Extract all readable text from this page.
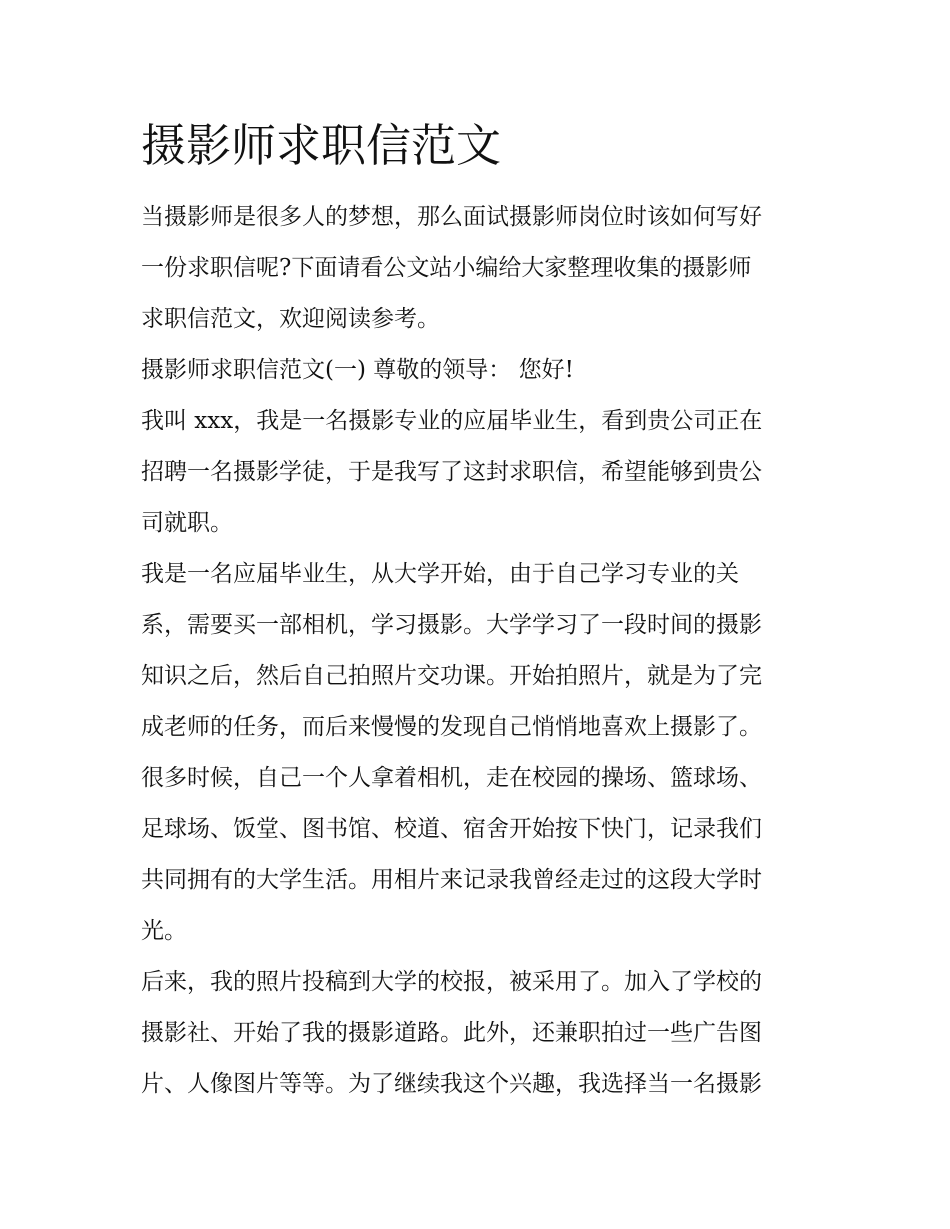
摄影师求职信范文
当摄影师是很多人的梦想，那么面试摄影师岗位时该如何写好
一份求职信呢?下面请看公文站小编给大家整理收集的摄影师
求职信范文，欢迎阅读参考。
摄影师求职信范文(一) 尊敬的领导： 您好!
我叫 xxx，我是一名摄影专业的应届毕业生，看到贵公司正在
招聘一名摄影学徒，于是我写了这封求职信，希望能够到贵公
司就职。
我是一名应届毕业生，从大学开始，由于自己学习专业的关
系，需要买一部相机，学习摄影。大学学习了一段时间的摄影
知识之后，然后自己拍照片交功课。开始拍照片，就是为了完
成老师的任务，而后来慢慢的发现自己悄悄地喜欢上摄影了。
很多时候，自己一个人拿着相机，走在校园的操场、篮球场、
足球场、饭堂、图书馆、校道、宿舍开始按下快门，记录我们
共同拥有的大学生活。用相片来记录我曾经走过的这段大学时
光。
后来，我的照片投稿到大学的校报，被采用了。加入了学校的
摄影社、开始了我的摄影道路。此外，还兼职拍过一些广告图
片、人像图片等等。为了继续我这个兴趣，我选择当一名摄影
